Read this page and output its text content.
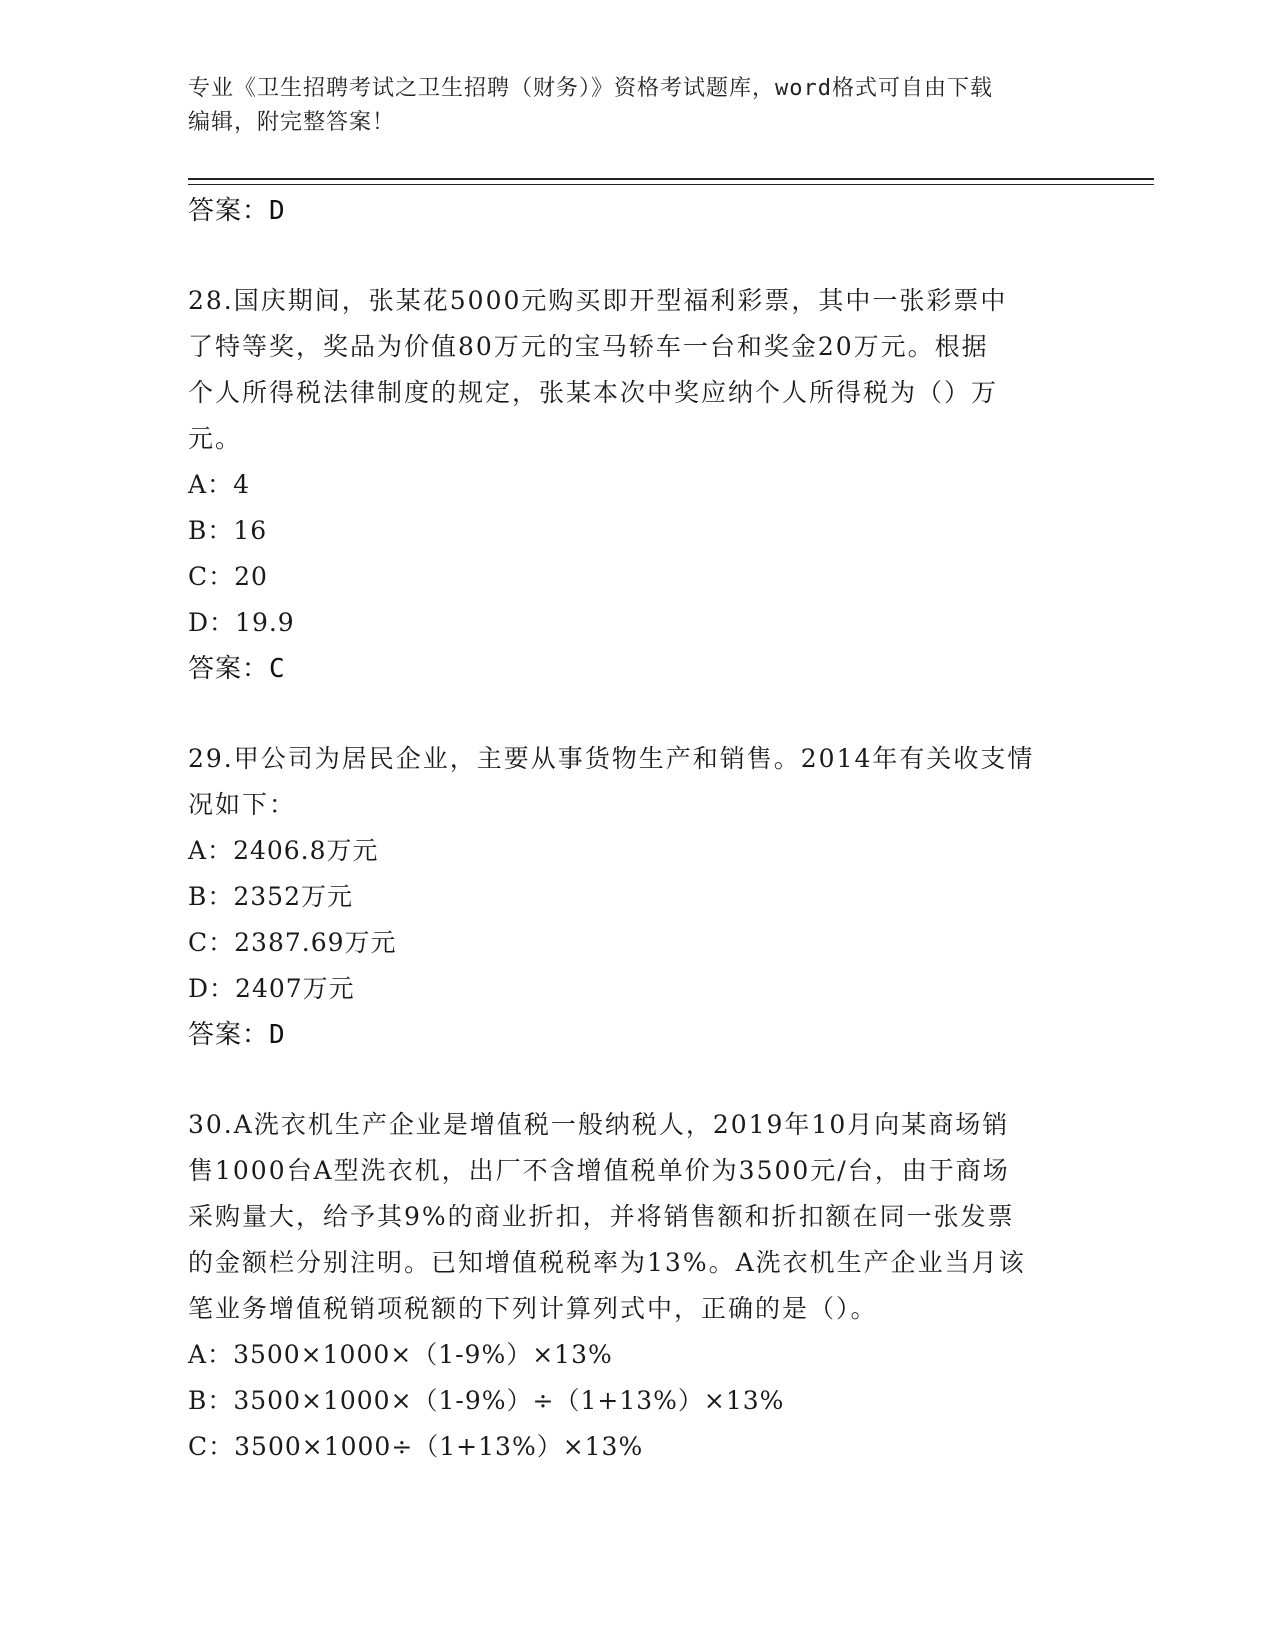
专业《卫生招聘考试之卫生招聘（财务）》资格考试题库，word格式可自由下载

编辑，附完整答案！

答案：D

28.国庆期间，张某花5000元购买即开型福利彩票，其中一张彩票中

了特等奖，奖品为价值80万元的宝马轿车一台和奖金20万元。根据

个人所得税法律制度的规定，张某本次中奖应纳个人所得税为（）万

元。

A：4

B：16

C：20

D：19.9

答案：C

29.甲公司为居民企业，主要从事货物生产和销售。2014年有关收支情

况如下：

A：2406.8万元

B：2352万元

C：2387.69万元

D：2407万元

答案：D

30.A洗衣机生产企业是增值税一般纳税人，2019年10月向某商场销

售1000台A型洗衣机，出厂不含增值税单价为3500元/台，由于商场

采购量大，给予其9%的商业折扣，并将销售额和折扣额在同一张发票

的金额栏分别注明。已知增值税税率为13%。A洗衣机生产企业当月该

笔业务增值税销项税额的下列计算列式中，正确的是（）。

A：3500×1000×（1-9%）×13%

B：3500×1000×（1-9%）÷（1+13%）×13%

C：3500×1000÷（1+13%）×13%
